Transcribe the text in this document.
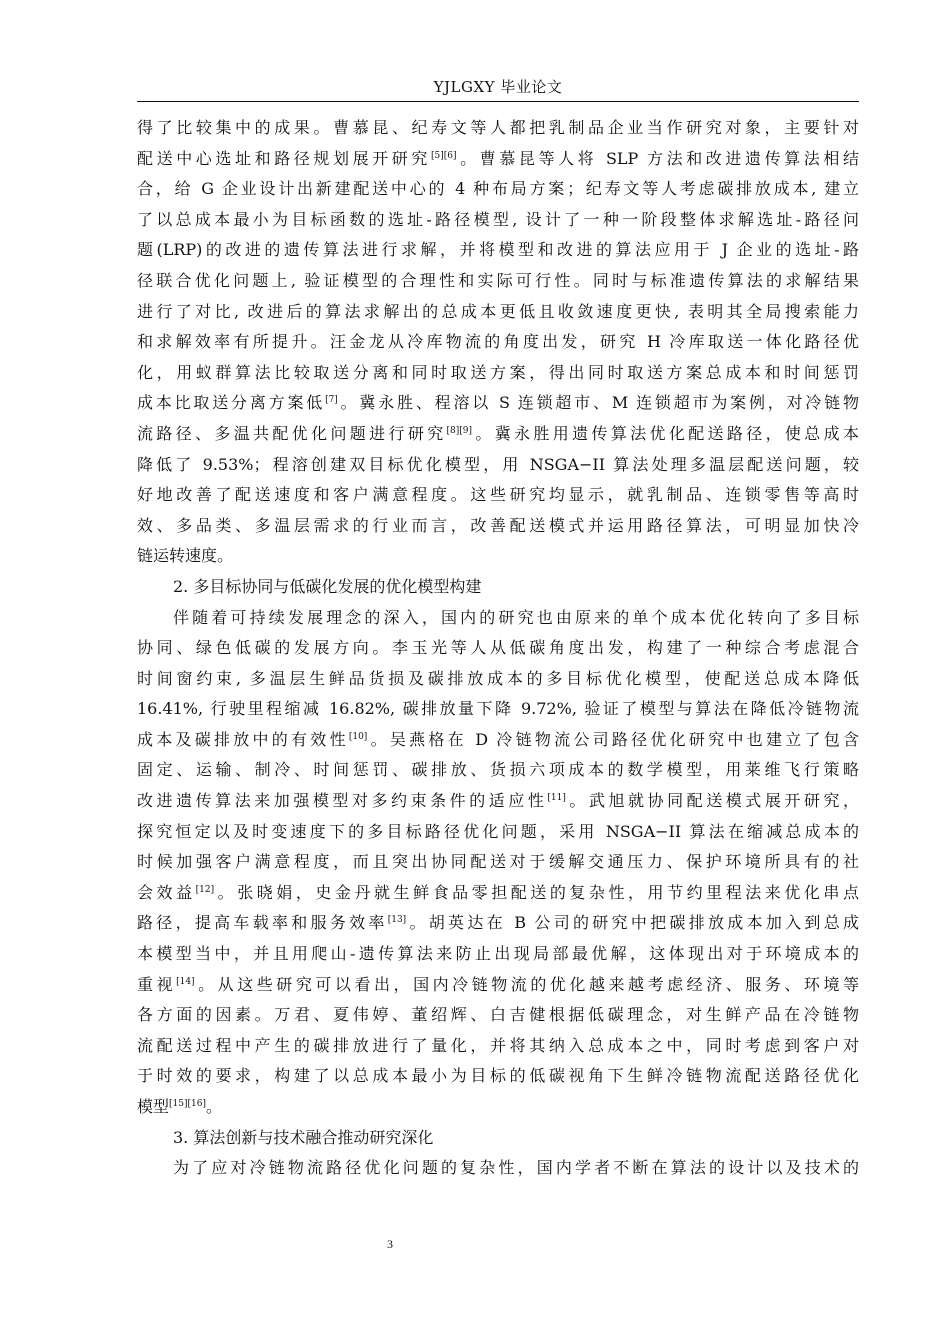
YJLGXY 毕业论文
得了比较集中的成果。曹慕昆、纪寿文等人都把乳制品企业当作研究对象，主要针对
配送中心选址和路径规划展开研究[5][6]。曹慕昆等人将 SLP 方法和改进遗传算法相结
合，给 G 企业设计出新建配送中心的 4 种布局方案；纪寿文等人考虑碳排放成本, 建立
了以总成本最小为目标函数的选址-路径模型, 设计了一种一阶段整体求解选址-路径问
题(LRP)的改进的遗传算法进行求解，并将模型和改进的算法应用于 J 企业的选址-路
径联合优化问题上, 验证模型的合理性和实际可行性。同时与标准遗传算法的求解结果
进行了对比, 改进后的算法求解出的总成本更低且收敛速度更快, 表明其全局搜索能力
和求解效率有所提升。汪金龙从冷库物流的角度出发，研究 H 冷库取送一体化路径优
化，用蚁群算法比较取送分离和同时取送方案，得出同时取送方案总成本和时间惩罚
成本比取送分离方案低[7]。冀永胜、程溶以 S 连锁超市、M 连锁超市为案例，对冷链物
流路径、多温共配优化问题进行研究[8][9]。冀永胜用遗传算法优化配送路径，使总成本
降低了 9.53%；程溶创建双目标优化模型，用 NSGA−II 算法处理多温层配送问题，较
好地改善了配送速度和客户满意程度。这些研究均显示，就乳制品、连锁零售等高时
效、多品类、多温层需求的行业而言，改善配送模式并运用路径算法，可明显加快冷
链运转速度。
2. 多目标协同与低碳化发展的优化模型构建
伴随着可持续发展理念的深入，国内的研究也由原来的单个成本优化转向了多目标
协同、绿色低碳的发展方向。李玉光等人从低碳角度出发，构建了一种综合考虑混合
时间窗约束, 多温层生鲜品货损及碳排放成本的多目标优化模型，使配送总成本降低
16.41%, 行驶里程缩减 16.82%, 碳排放量下降 9.72%, 验证了模型与算法在降低冷链物流
成本及碳排放中的有效性[10]。吴燕格在 D 冷链物流公司路径优化研究中也建立了包含
固定、运输、制冷、时间惩罚、碳排放、货损六项成本的数学模型，用莱维飞行策略
改进遗传算法来加强模型对多约束条件的适应性[11]。武旭就协同配送模式展开研究，
探究恒定以及时变速度下的多目标路径优化问题，采用 NSGA−II 算法在缩减总成本的
时候加强客户满意程度，而且突出协同配送对于缓解交通压力、保护环境所具有的社
会效益[12]。张晓娟，史金丹就生鲜食品零担配送的复杂性，用节约里程法来优化串点
路径，提高车载率和服务效率[13]。胡英达在 B 公司的研究中把碳排放成本加入到总成
本模型当中，并且用爬山-遗传算法来防止出现局部最优解，这体现出对于环境成本的
重视[14]。从这些研究可以看出，国内冷链物流的优化越来越考虑经济、服务、环境等
各方面的因素。万君、夏伟婷、董绍辉、白吉健根据低碳理念，对生鲜产品在冷链物
流配送过程中产生的碳排放进行了量化，并将其纳入总成本之中，同时考虑到客户对
于时效的要求，构建了以总成本最小为目标的低碳视角下生鲜冷链物流配送路径优化
模型[15][16]。
3. 算法创新与技术融合推动研究深化
为了应对冷链物流路径优化问题的复杂性，国内学者不断在算法的设计以及技术的
3
